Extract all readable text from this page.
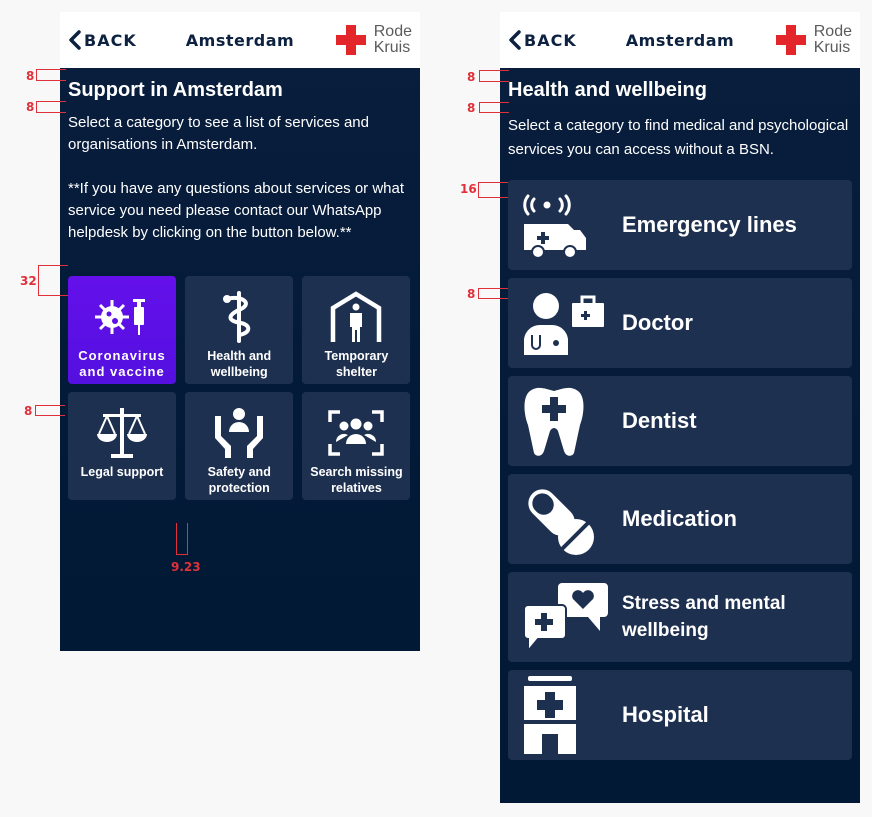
BACK	Amsterdam	Rode
Kruis
Support in Amsterdam

Select a category to see a list of services and organisations in Amsterdam.

**If you have any questions about services or what service you need please contact our WhatsApp helpdesk by clicking on the button below.**

Coronavirus and vaccine
Health and wellbeing
Temporary shelter
Legal support	Safety and protection
Search missing relatives
BACK	Amsterdam	Rode
Kruis
Health and wellbeing
Select a category to find medical and psychological services you can access without a BSN.
Emergency lines
Doctor
Dentist
Medication
Stress and mental wellbeing
Hospital
8
8
32
8
9.23
8
8
16
8
